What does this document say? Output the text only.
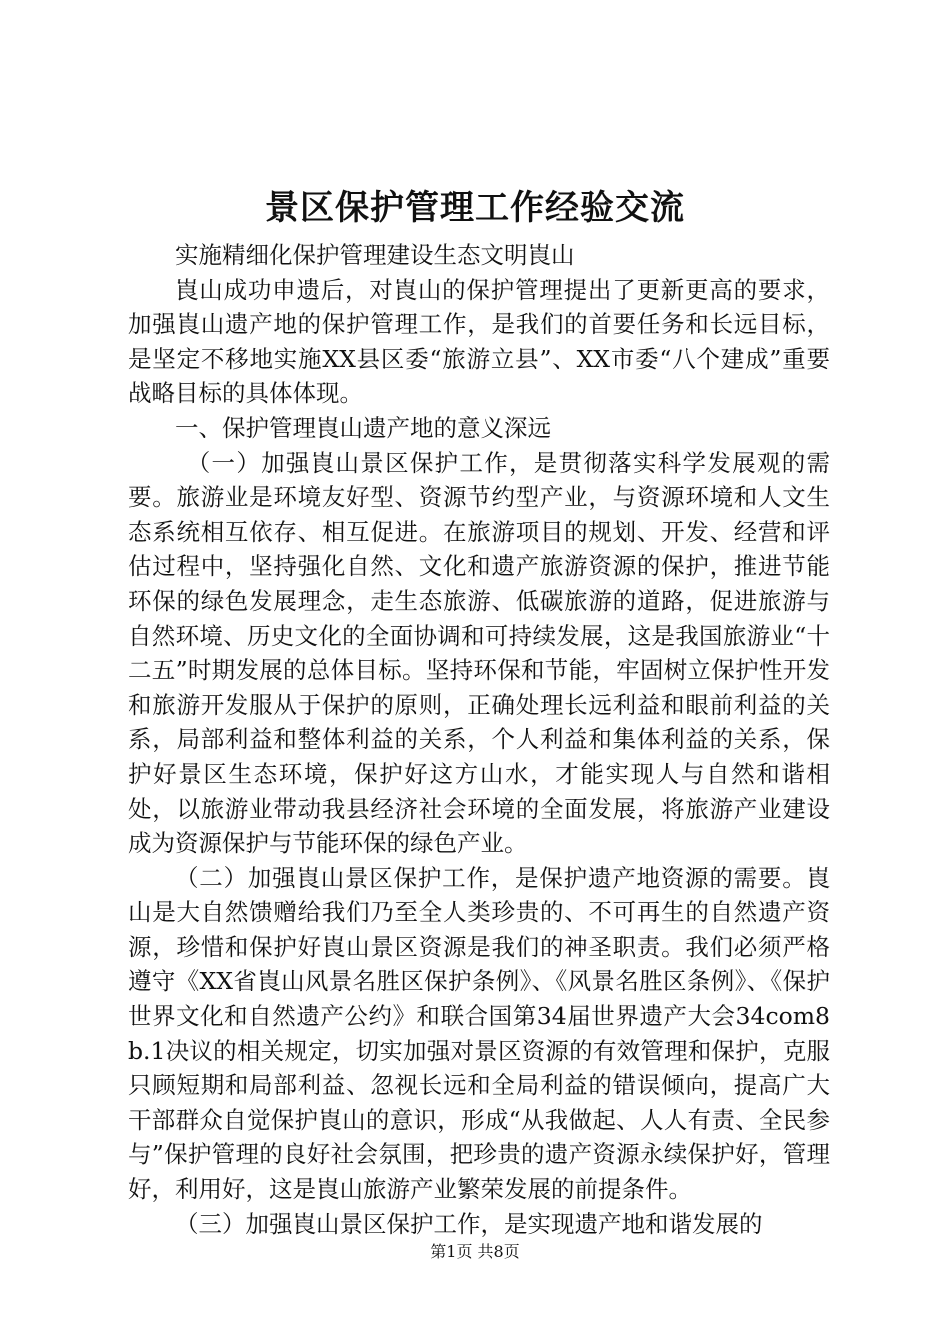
景区保护管理工作经验交流

实施精细化保护管理建设生态文明崀山

崀山成功申遗后，对崀山的保护管理提出了更新更高的要求，加强崀山遗产地的保护管理工作，是我们的首要任务和长远目标，是坚定不移地实施XX县区委“旅游立县”、XX市委“八个建成”重要战略目标的具体体现。

一、保护管理崀山遗产地的意义深远

（一）加强崀山景区保护工作，是贯彻落实科学发展观的需要。旅游业是环境友好型、资源节约型产业，与资源环境和人文生态系统相互依存、相互促进。在旅游项目的规划、开发、经营和评估过程中，坚持强化自然、文化和遗产旅游资源的保护，推进节能环保的绿色发展理念，走生态旅游、低碳旅游的道路，促进旅游与自然环境、历史文化的全面协调和可持续发展，这是我国旅游业“十二五”时期发展的总体目标。坚持环保和节能，牢固树立保护性开发和旅游开发服从于保护的原则，正确处理长远利益和眼前利益的关系，局部利益和整体利益的关系，个人利益和集体利益的关系，保护好景区生态环境，保护好这方山水，才能实现人与自然和谐相处，以旅游业带动我县经济社会环境的全面发展，将旅游产业建设成为资源保护与节能环保的绿色产业。

（二）加强崀山景区保护工作，是保护遗产地资源的需要。崀山是大自然馈赠给我们乃至全人类珍贵的、不可再生的自然遗产资源，珍惜和保护好崀山景区资源是我们的神圣职责。我们必须严格遵守《XX省崀山风景名胜区保护条例》、《风景名胜区条例》、《保护世界文化和自然遗产公约》和联合国第34届世界遗产大会34com8b.1决议的相关规定，切实加强对景区资源的有效管理和保护，克服只顾短期和局部利益、忽视长远和全局利益的错误倾向，提高广大干部群众自觉保护崀山的意识，形成“从我做起、人人有责、全民参与”保护管理的良好社会氛围，把珍贵的遗产资源永续保护好，管理好，利用好，这是崀山旅游产业繁荣发展的前提条件。

（三）加强崀山景区保护工作，是实现遗产地和谐发展的

第1页 共8页
